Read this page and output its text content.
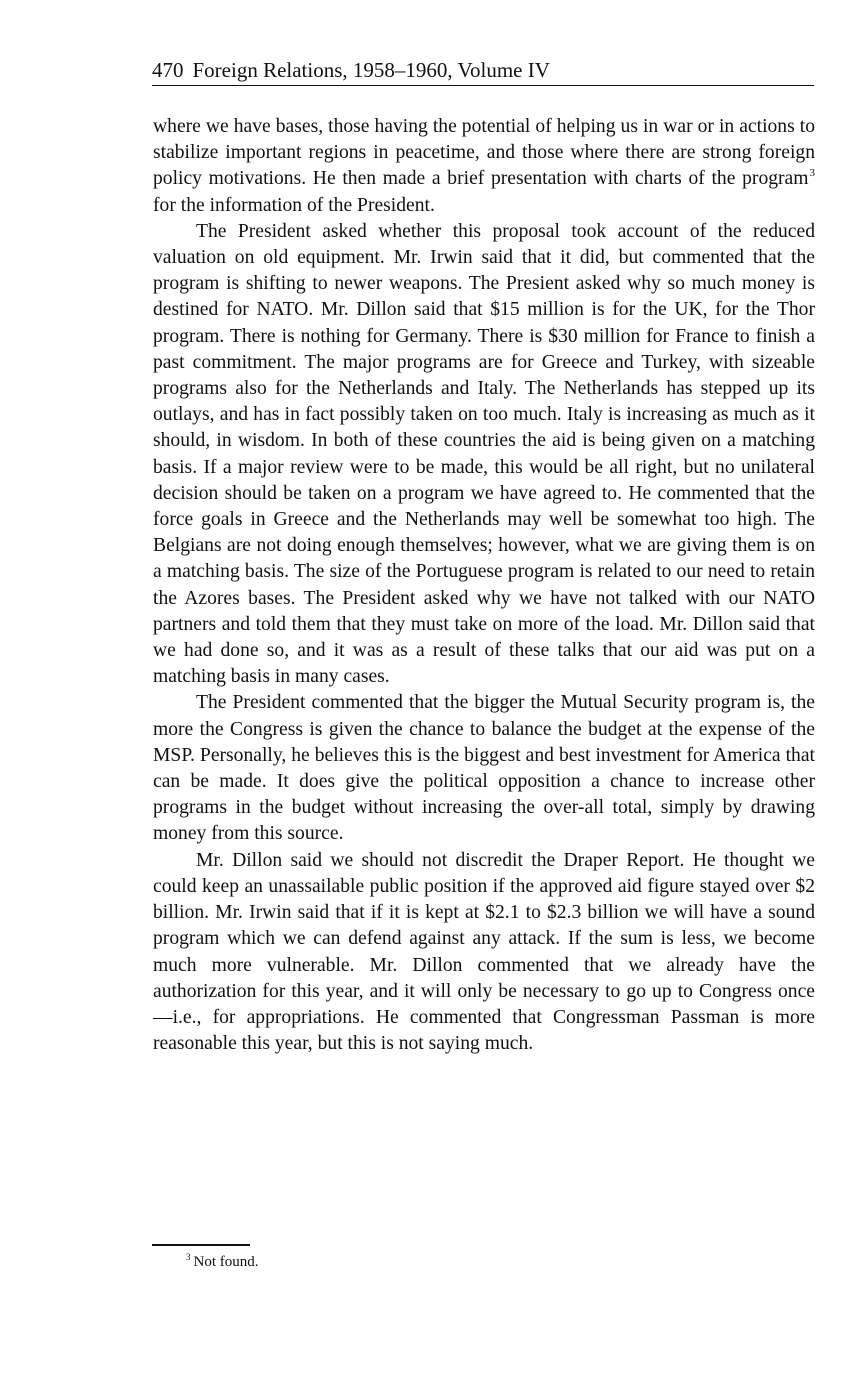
470 Foreign Relations, 1958–1960, Volume IV

where we have bases, those having the potential of helping us in war or in actions to stabilize important regions in peacetime, and those where there are strong foreign policy motivations. He then made a brief presentation with charts of the program$^3$ for the information of the President.

The President asked whether this proposal took account of the reduced valuation on old equipment. Mr. Irwin said that it did, but commented that the program is shifting to newer weapons. The Presient asked why so much money is destined for NATO. Mr. Dillon said that $15 million is for the UK, for the Thor program. There is nothing for Germany. There is $30 million for France to finish a past commitment. The major programs are for Greece and Turkey, with sizeable programs also for the Netherlands and Italy. The Netherlands has stepped up its outlays, and has in fact possibly taken on too much. Italy is increasing as much as it should, in wisdom. In both of these countries the aid is being given on a matching basis. If a major review were to be made, this would be all right, but no unilateral decision should be taken on a program we have agreed to. He commented that the force goals in Greece and the Netherlands may well be somewhat too high. The Belgians are not doing enough themselves; however, what we are giving them is on a matching basis. The size of the Portuguese program is related to our need to retain the Azores bases. The President asked why we have not talked with our NATO partners and told them that they must take on more of the load. Mr. Dillon said that we had done so, and it was as a result of these talks that our aid was put on a matching basis in many cases.

The President commented that the bigger the Mutual Security program is, the more the Congress is given the chance to balance the budget at the expense of the MSP. Personally, he believes this is the biggest and best investment for America that can be made. It does give the political opposition a chance to increase other programs in the budget without increasing the over-all total, simply by drawing money from this source.

Mr. Dillon said we should not discredit the Draper Report. He thought we could keep an unassailable public position if the approved aid figure stayed over $2 billion. Mr. Irwin said that if it is kept at $2.1 to $2.3 billion we will have a sound program which we can defend against any attack. If the sum is less, we become much more vulnerable. Mr. Dillon commented that we already have the authorization for this year, and it will only be necessary to go up to Congress once—i.e., for appropriations. He commented that Congressman Passman is more reasonable this year, but this is not saying much.

$^3$ Not found.
